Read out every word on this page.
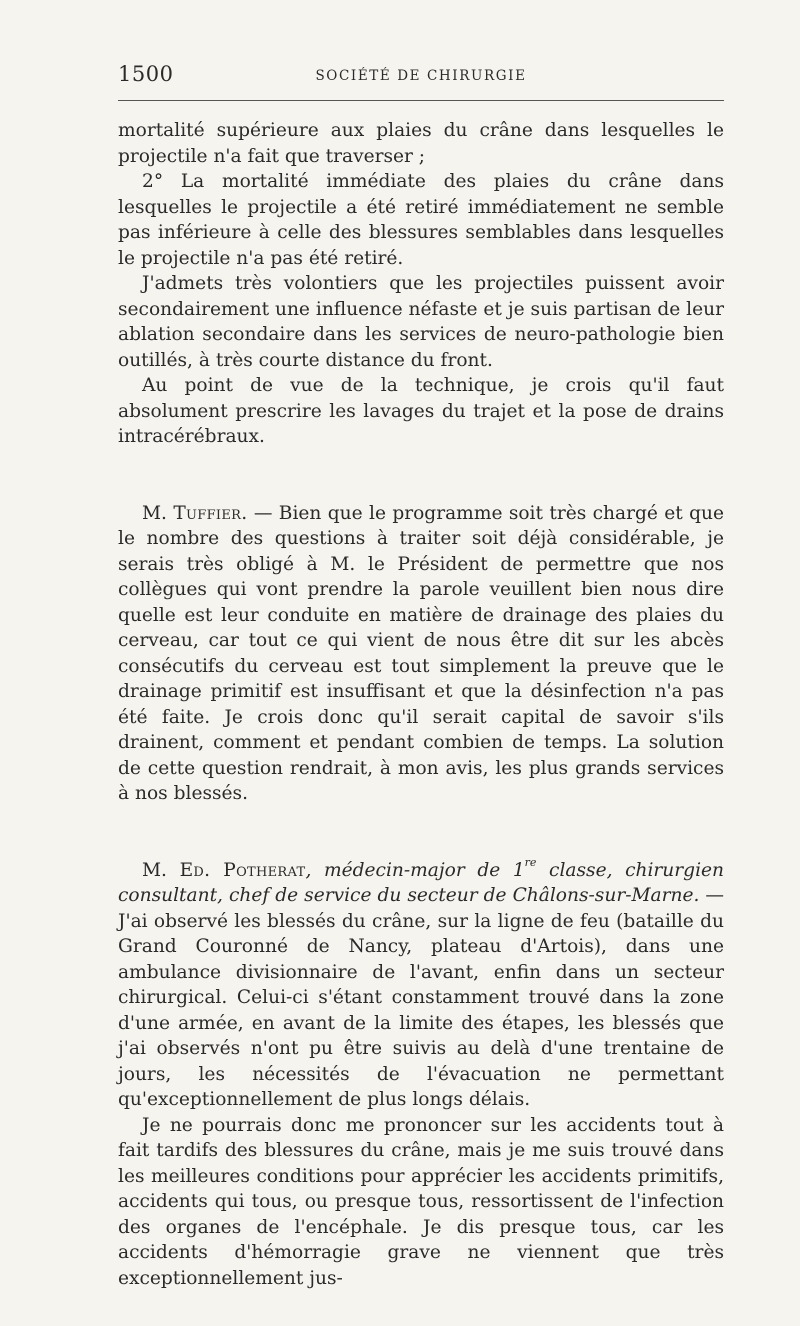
1500	SOCIÉTÉ DE CHIRURGIE

mortalité supérieure aux plaies du crâne dans lesquelles le projectile n'a fait que traverser ;

2° La mortalité immédiate des plaies du crâne dans lesquelles le projectile a été retiré immédiatement ne semble pas inférieure à celle des blessures semblables dans lesquelles le projectile n'a pas été retiré.

J'admets très volontiers que les projectiles puissent avoir secondairement une influence néfaste et je suis partisan de leur ablation secondaire dans les services de neuro-pathologie bien outillés, à très courte distance du front.

Au point de vue de la technique, je crois qu'il faut absolument prescrire les lavages du trajet et la pose de drains intracérébraux.

M. Tuffier. — Bien que le programme soit très chargé et que le nombre des questions à traiter soit déjà considérable, je serais très obligé à M. le Président de permettre que nos collègues qui vont prendre la parole veuillent bien nous dire quelle est leur conduite en matière de drainage des plaies du cerveau, car tout ce qui vient de nous être dit sur les abcès consécutifs du cerveau est tout simplement la preuve que le drainage primitif est insuffisant et que la désinfection n'a pas été faite. Je crois donc qu'il serait capital de savoir s'ils drainent, comment et pendant combien de temps. La solution de cette question rendrait, à mon avis, les plus grands services à nos blessés.

M. Ed. Potherat, médecin-major de 1re classe, chirurgien consultant, chef de service du secteur de Châlons-sur-Marne. — J'ai observé les blessés du crâne, sur la ligne de feu (bataille du Grand Couronné de Nancy, plateau d'Artois), dans une ambulance divisionnaire de l'avant, enfin dans un secteur chirurgical. Celui-ci s'étant constamment trouvé dans la zone d'une armée, en avant de la limite des étapes, les blessés que j'ai observés n'ont pu être suivis au delà d'une trentaine de jours, les nécessités de l'évacuation ne permettant qu'exceptionnellement de plus longs délais.

Je ne pourrais donc me prononcer sur les accidents tout à fait tardifs des blessures du crâne, mais je me suis trouvé dans les meilleures conditions pour apprécier les accidents primitifs, accidents qui tous, ou presque tous, ressortissent de l'infection des organes de l'encéphale. Je dis presque tous, car les accidents d'hémorragie grave ne viennent que très exceptionnellement jus-
